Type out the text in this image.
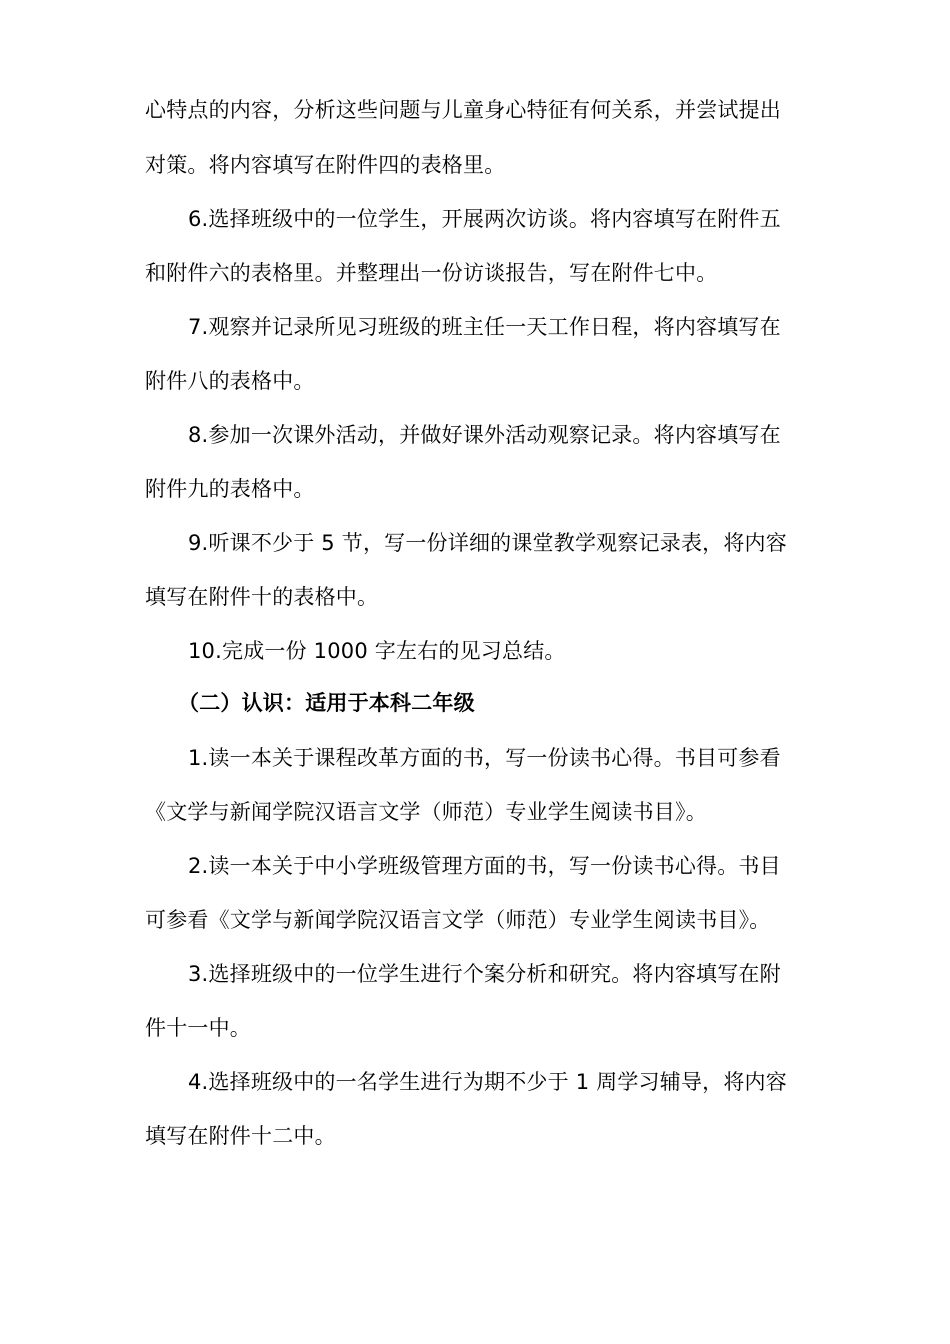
心特点的内容，分析这些问题与儿童身心特征有何关系，并尝试提出
对策。将内容填写在附件四的表格里。
6.选择班级中的一位学生，开展两次访谈。将内容填写在附件五
和附件六的表格里。并整理出一份访谈报告，写在附件七中。
7.观察并记录所见习班级的班主任一天工作日程，将内容填写在
附件八的表格中。
8.参加一次课外活动，并做好课外活动观察记录。将内容填写在
附件九的表格中。
9.听课不少于 5 节，写一份详细的课堂教学观察记录表，将内容
填写在附件十的表格中。
10.完成一份 1000 字左右的见习总结。
（二）认识：适用于本科二年级
1.读一本关于课程改革方面的书，写一份读书心得。书目可参看
《文学与新闻学院汉语言文学（师范）专业学生阅读书目》。
2.读一本关于中小学班级管理方面的书，写一份读书心得。书目
可参看《文学与新闻学院汉语言文学（师范）专业学生阅读书目》。
3.选择班级中的一位学生进行个案分析和研究。将内容填写在附
件十一中。
4.选择班级中的一名学生进行为期不少于 1 周学习辅导，将内容
填写在附件十二中。
